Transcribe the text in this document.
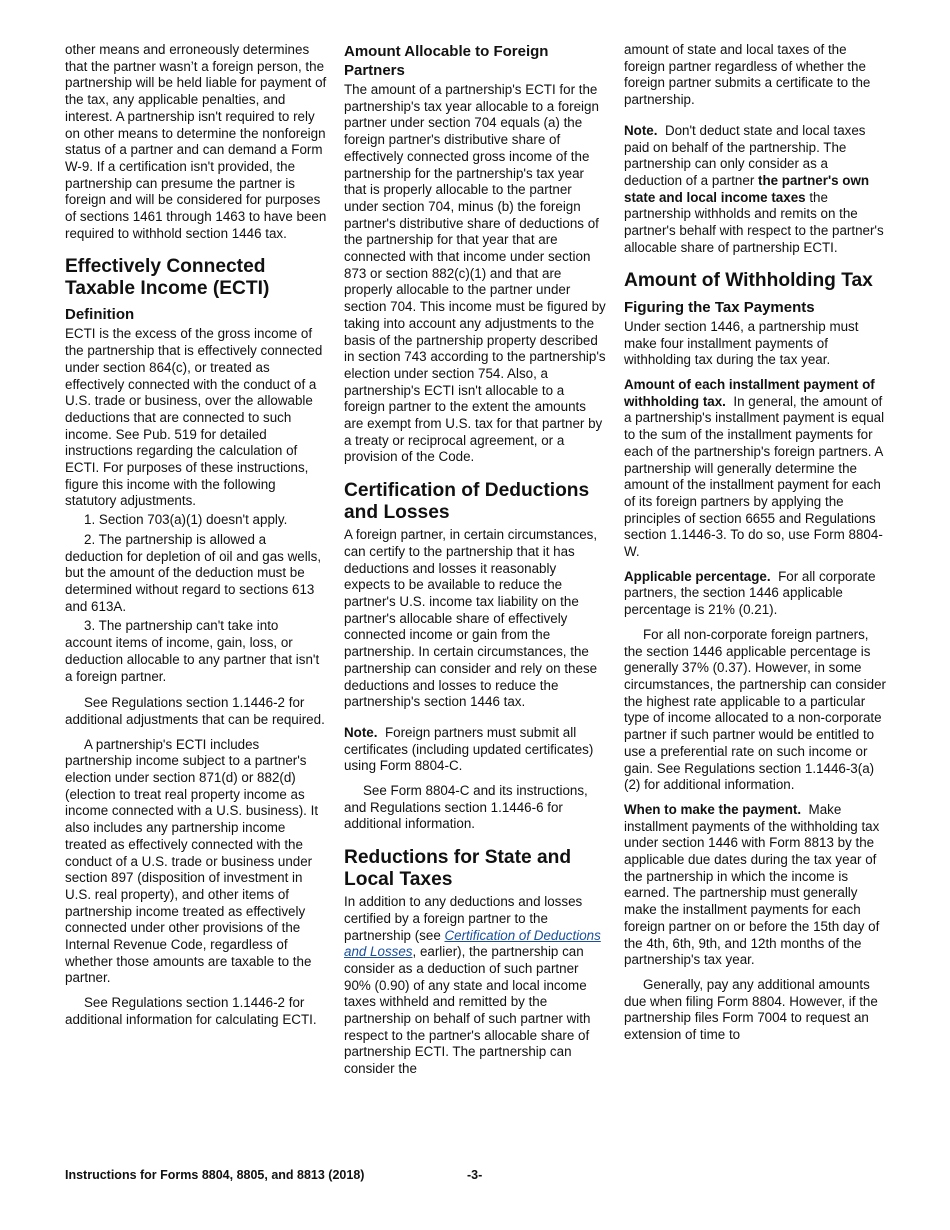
other means and erroneously determines that the partner wasn’t a foreign person, the partnership will be held liable for payment of the tax, any applicable penalties, and interest. A partnership isn't required to rely on other means to determine the nonforeign status of a partner and can demand a Form W-9. If a certification isn't provided, the partnership can presume the partner is foreign and will be considered for purposes of sections 1461 through 1463 to have been required to withhold section 1446 tax.

Effectively Connected Taxable Income (ECTI)
Definition

ECTI is the excess of the gross income of the partnership that is effectively connected under section 864(c), or treated as effectively connected with the conduct of a U.S. trade or business, over the allowable deductions that are connected to such income. See Pub. 519 for detailed instructions regarding the calculation of ECTI. For purposes of these instructions, figure this income with the following statutory adjustments.

1. Section 703(a)(1) doesn't apply.

2. The partnership is allowed a deduction for depletion of oil and gas wells, but the amount of the deduction must be determined without regard to sections 613 and 613A.

3. The partnership can't take into account items of income, gain, loss, or deduction allocable to any partner that isn't a foreign partner.

See Regulations section 1.1446-2 for additional adjustments that can be required.

A partnership's ECTI includes partnership income subject to a partner's election under section 871(d) or 882(d) (election to treat real property income as income connected with a U.S. business). It also includes any partnership income treated as effectively connected with the conduct of a U.S. trade or business under section 897 (disposition of investment in U.S. real property), and other items of partnership income treated as effectively connected under other provisions of the Internal Revenue Code, regardless of whether those amounts are taxable to the partner.

See Regulations section 1.1446-2 for additional information for calculating ECTI.

Amount Allocable to Foreign Partners

The amount of a partnership's ECTI for the partnership's tax year allocable to a foreign partner under section 704 equals (a) the foreign partner's distributive share of effectively connected gross income of the partnership for the partnership's tax year that is properly allocable to the partner under section 704, minus (b) the foreign partner's distributive share of deductions of the partnership for that year that are connected with that income under section 873 or section 882(c)(1) and that are properly allocable to the partner under section 704. This income must be figured by taking into account any adjustments to the basis of the partnership property described in section 743 according to the partnership's election under section 754. Also, a partnership's ECTI isn't allocable to a foreign partner to the extent the amounts are exempt from U.S. tax for that partner by a treaty or reciprocal agreement, or a provision of the Code.

Certification of Deductions and Losses

A foreign partner, in certain circumstances, can certify to the partnership that it has deductions and losses it reasonably expects to be available to reduce the partner's U.S. income tax liability on the partner's allocable share of effectively connected income or gain from the partnership. In certain circumstances, the partnership can consider and rely on these deductions and losses to reduce the partnership's section 1446 tax.

Note. Foreign partners must submit all certificates (including updated certificates) using Form 8804-C.

See Form 8804-C and its instructions, and Regulations section 1.1446-6 for additional information.

Reductions for State and Local Taxes

In addition to any deductions and losses certified by a foreign partner to the partnership (see Certification of Deductions and Losses, earlier), the partnership can consider as a deduction of such partner 90% (0.90) of any state and local income taxes withheld and remitted by the partnership on behalf of such partner with respect to the partner's allocable share of partnership ECTI. The partnership can consider the

amount of state and local taxes of the foreign partner regardless of whether the foreign partner submits a certificate to the partnership.

Note. Don't deduct state and local taxes paid on behalf of the partnership. The partnership can only consider as a deduction of a partner the partner's own state and local income taxes the partnership withholds and remits on the partner's behalf with respect to the partner's allocable share of partnership ECTI.

Amount of Withholding Tax
Figuring the Tax Payments

Under section 1446, a partnership must make four installment payments of withholding tax during the tax year.

Amount of each installment payment of withholding tax. In general, the amount of a partnership's installment payment is equal to the sum of the installment payments for each of the partnership's foreign partners. A partnership will generally determine the amount of the installment payment for each of its foreign partners by applying the principles of section 6655 and Regulations section 1.1446-3. To do so, use Form 8804-W.

Applicable percentage. For all corporate partners, the section 1446 applicable percentage is 21% (0.21).

For all non-corporate foreign partners, the section 1446 applicable percentage is generally 37% (0.37). However, in some circumstances, the partnership can consider the highest rate applicable to a particular type of income allocated to a non-corporate partner if such partner would be entitled to use a preferential rate on such income or gain. See Regulations section 1.1446-3(a)(2) for additional information.

When to make the payment. Make installment payments of the withholding tax under section 1446 with Form 8813 by the applicable due dates during the tax year of the partnership in which the income is earned. The partnership must generally make the installment payments for each foreign partner on or before the 15th day of the 4th, 6th, 9th, and 12th months of the partnership's tax year.

Generally, pay any additional amounts due when filing Form 8804. However, if the partnership files Form 7004 to request an extension of time to

Instructions for Forms 8804, 8805, and 8813 (2018)	-3-
